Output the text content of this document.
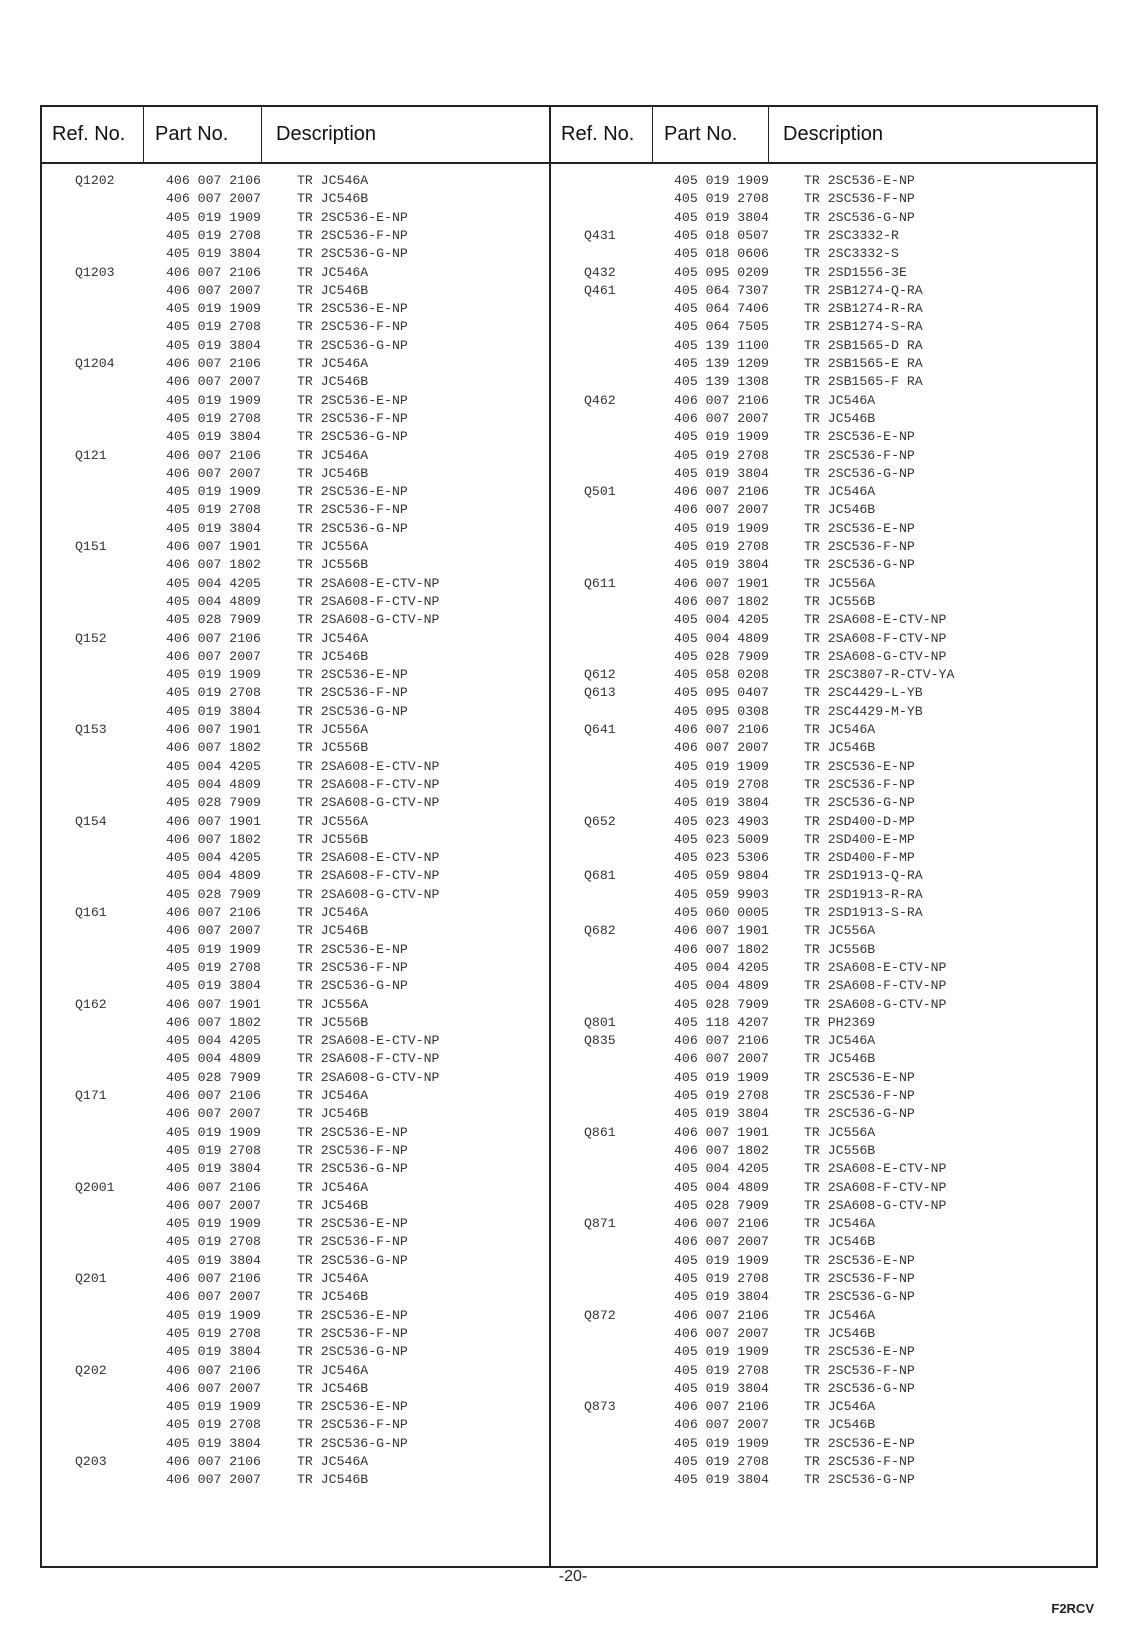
Ref. No.	Part No.	Description	Ref. No.	Part No.	Description
Q1202	406 007 2106	TR JC546A
406 007 2007	TR JC546B
405 019 1909	TR 2SC536-E-NP
405 019 2708	TR 2SC536-F-NP
405 019 3804	TR 2SC536-G-NP
Q1203	406 007 2106	TR JC546A
406 007 2007	TR JC546B
405 019 1909	TR 2SC536-E-NP
405 019 2708	TR 2SC536-F-NP
405 019 3804	TR 2SC536-G-NP
Q1204	406 007 2106	TR JC546A
406 007 2007	TR JC546B
405 019 1909	TR 2SC536-E-NP
405 019 2708	TR 2SC536-F-NP
405 019 3804	TR 2SC536-G-NP
Q121	406 007 2106	TR JC546A
406 007 2007	TR JC546B
405 019 1909	TR 2SC536-E-NP
405 019 2708	TR 2SC536-F-NP
405 019 3804	TR 2SC536-G-NP
Q151	406 007 1901	TR JC556A
406 007 1802	TR JC556B
405 004 4205	TR 2SA608-E-CTV-NP
405 004 4809	TR 2SA608-F-CTV-NP
405 028 7909	TR 2SA608-G-CTV-NP
Q152	406 007 2106	TR JC546A
406 007 2007	TR JC546B
405 019 1909	TR 2SC536-E-NP
405 019 2708	TR 2SC536-F-NP
405 019 3804	TR 2SC536-G-NP
Q153	406 007 1901	TR JC556A
406 007 1802	TR JC556B
405 004 4205	TR 2SA608-E-CTV-NP
405 004 4809	TR 2SA608-F-CTV-NP
405 028 7909	TR 2SA608-G-CTV-NP
Q154	406 007 1901	TR JC556A
406 007 1802	TR JC556B
405 004 4205	TR 2SA608-E-CTV-NP
405 004 4809	TR 2SA608-F-CTV-NP
405 028 7909	TR 2SA608-G-CTV-NP
Q161	406 007 2106	TR JC546A
406 007 2007	TR JC546B
405 019 1909	TR 2SC536-E-NP
405 019 2708	TR 2SC536-F-NP
405 019 3804	TR 2SC536-G-NP
Q162	406 007 1901	TR JC556A
406 007 1802	TR JC556B
405 004 4205	TR 2SA608-E-CTV-NP
405 004 4809	TR 2SA608-F-CTV-NP
405 028 7909	TR 2SA608-G-CTV-NP
Q171	406 007 2106	TR JC546A
406 007 2007	TR JC546B
405 019 1909	TR 2SC536-E-NP
405 019 2708	TR 2SC536-F-NP
405 019 3804	TR 2SC536-G-NP
Q2001	406 007 2106	TR JC546A
406 007 2007	TR JC546B
405 019 1909	TR 2SC536-E-NP
405 019 2708	TR 2SC536-F-NP
405 019 3804	TR 2SC536-G-NP
Q201	406 007 2106	TR JC546A
406 007 2007	TR JC546B
405 019 1909	TR 2SC536-E-NP
405 019 2708	TR 2SC536-F-NP
405 019 3804	TR 2SC536-G-NP
Q202	406 007 2106	TR JC546A
406 007 2007	TR JC546B
405 019 1909	TR 2SC536-E-NP
405 019 2708	TR 2SC536-F-NP
405 019 3804	TR 2SC536-G-NP
Q203	406 007 2106	TR JC546A
406 007 2007	TR JC546B
405 019 1909	TR 2SC536-E-NP
405 019 2708	TR 2SC536-F-NP
405 019 3804	TR 2SC536-G-NP
Q431	405 018 0507	TR 2SC3332-R
405 018 0606	TR 2SC3332-S
Q432	405 095 0209	TR 2SD1556-3E
Q461	405 064 7307	TR 2SB1274-Q-RA
405 064 7406	TR 2SB1274-R-RA
405 064 7505	TR 2SB1274-S-RA
405 139 1100	TR 2SB1565-D RA
405 139 1209	TR 2SB1565-E RA
405 139 1308	TR 2SB1565-F RA
Q462	406 007 2106	TR JC546A
406 007 2007	TR JC546B
405 019 1909	TR 2SC536-E-NP
405 019 2708	TR 2SC536-F-NP
405 019 3804	TR 2SC536-G-NP
Q501	406 007 2106	TR JC546A
406 007 2007	TR JC546B
405 019 1909	TR 2SC536-E-NP
405 019 2708	TR 2SC536-F-NP
405 019 3804	TR 2SC536-G-NP
Q611	406 007 1901	TR JC556A
406 007 1802	TR JC556B
405 004 4205	TR 2SA608-E-CTV-NP
405 004 4809	TR 2SA608-F-CTV-NP
405 028 7909	TR 2SA608-G-CTV-NP
Q612	405 058 0208	TR 2SC3807-R-CTV-YA
Q613	405 095 0407	TR 2SC4429-L-YB
405 095 0308	TR 2SC4429-M-YB
Q641	406 007 2106	TR JC546A
406 007 2007	TR JC546B
405 019 1909	TR 2SC536-E-NP
405 019 2708	TR 2SC536-F-NP
405 019 3804	TR 2SC536-G-NP
Q652	405 023 4903	TR 2SD400-D-MP
405 023 5009	TR 2SD400-E-MP
405 023 5306	TR 2SD400-F-MP
Q681	405 059 9804	TR 2SD1913-Q-RA
405 059 9903	TR 2SD1913-R-RA
405 060 0005	TR 2SD1913-S-RA
Q682	406 007 1901	TR JC556A
406 007 1802	TR JC556B
405 004 4205	TR 2SA608-E-CTV-NP
405 004 4809	TR 2SA608-F-CTV-NP
405 028 7909	TR 2SA608-G-CTV-NP
Q801	405 118 4207	TR PH2369
Q835	406 007 2106	TR JC546A
406 007 2007	TR JC546B
405 019 1909	TR 2SC536-E-NP
405 019 2708	TR 2SC536-F-NP
405 019 3804	TR 2SC536-G-NP
Q861	406 007 1901	TR JC556A
406 007 1802	TR JC556B
405 004 4205	TR 2SA608-E-CTV-NP
405 004 4809	TR 2SA608-F-CTV-NP
405 028 7909	TR 2SA608-G-CTV-NP
Q871	406 007 2106	TR JC546A
406 007 2007	TR JC546B
405 019 1909	TR 2SC536-E-NP
405 019 2708	TR 2SC536-F-NP
405 019 3804	TR 2SC536-G-NP
Q872	406 007 2106	TR JC546A
406 007 2007	TR JC546B
405 019 1909	TR 2SC536-E-NP
405 019 2708	TR 2SC536-F-NP
405 019 3804	TR 2SC536-G-NP
Q873	406 007 2106	TR JC546A
406 007 2007	TR JC546B
405 019 1909	TR 2SC536-E-NP
405 019 2708	TR 2SC536-F-NP
405 019 3804	TR 2SC536-G-NP
-20-
F2RCV
